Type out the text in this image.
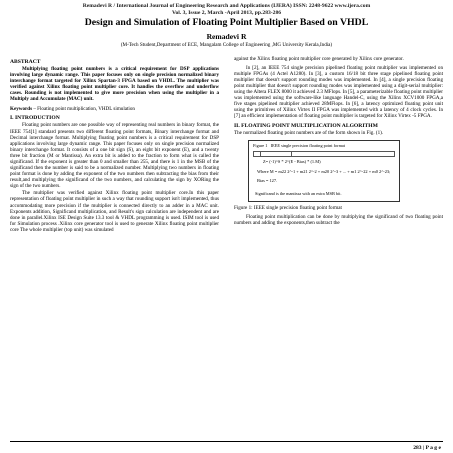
Remadevi R / International Journal of Engineering Research and Applications (IJERA) ISSN: 2248-9622 www.ijera.com
Vol. 3, Issue 2, March -April 2013, pp.283-286
Design and Simulation of Floating Point Multiplier Based on VHDL
Remadevi R
(M-Tech Student,Department of ECE, Mangalam College of Engineering ,MG University Kerala,India)
ABSTRACT

Multiplying floating point numbers is a critical requirement for DSP applications involving large dynamic range. This paper focuses only on single precision normalized binary interchange format targeted for Xilinx Spartan-3 FPGA based on VHDL. The multiplier was verified against Xilinx floating point multiplier core. It handles the overflow and underflow cases. Rounding is not implemented to give more precision when using the multiplier in a Multiply and Accumulate (MAC) unit.

Keywords – Floating point multiplication, VHDL simulation

I. INTRODUCTION

Floating point numbers are one possible way of representing real numbers in binary format, the IEEE 754[1] standard presents two different floating point formats, Binary interchange format and Decimal interchange format. Multiplying floating point numbers is a critical requirement for DSP applications involving large dynamic range. This paper focuses only on single precision normalized binary interchange format. It consists of a one bit sign (S), an eight bit exponent (E), and a twenty three bit fraction (M or Mantissa). An extra bit is added to the fraction to form what is called the significand. If the exponent is greater than 0 and smaller than 255, and there is 1 in the MSB of the significand then the number is said to be a normalized number. Multiplying two numbers in floating point format is done by adding the exponent of the two numbers then subtracting the bias from their result,and multiplying the significand of the two numbers, and calculating the sign by XORing the sign of the two numbers.

The multiplier was verified against Xilinx floating point multiplier core.In this paper representation of floating point multiplier in such a way that rounding support isn't implemented, thus accommodating more precision if the multiplier is connected directly to an adder in a MAC unit. Exponents addition, Significand multiplication, and Result's sign calculation are independent and are done in parallel.Xilinx ISE Design Suite 13.3 tool & VHDL programming is used. ISIM tool is used for Simulation process .Xilinx core generator tool is used to generate Xilinx floating point multiplier core The whole multiplier (top unit) was simulated

against the Xilinx floating point multiplier core generated by Xilinx core generator.

In [2], an IEEE 754 single precision pipelined floating point multiplier was implemented on multiple FPGAs (4 Actel A1280). In [3], a custom 16/18 bit three stage pipelined floating point multiplier that doesn't support rounding modes was implemented. In [4], a single precision floating point multiplier that doesn't support rounding modes was implemented using a digit-serial multiplier: using the Altera FLEX 8000 it achieved 2.3 MFlops. In [5], a parameterizable floating point multiplier was implemented using the software-like language Handel-C, using the Xilinx XCV1000 FPGA,a five stages pipelined multiplier achieved 28MFlops. In [6], a latency optimized floating point unit using the primitives of Xilinx Virtex II FPGA was implemented with a latency of 4 clock cycles. In [7] an efficient implementation of floating point multiplier is targeted for Xilinx Virtex -5 FPGA.

II. FLOATING POINT MULTIPLICATION ALGORITHM

The normalized floating point numbers are of the form shown in Fig. (1).

Figure 1 IEEE single precision floating point format
Z= (-1)^S * 2^(E - Bias) * (1.M)
Where M = m22 2^-1 + m21 2^-2 + m20 2^-3 + ... + m1 2^-22 + m0 2^-23;
Bias = 127.
Significand is the mantissa with an extra MSB bit.

Figure 1: IEEE single precision floating point format

Floating point multiplication can be done by multiplying the significand of two floating point numbers and adding the exponents,then subtract the

283 | P a g e
